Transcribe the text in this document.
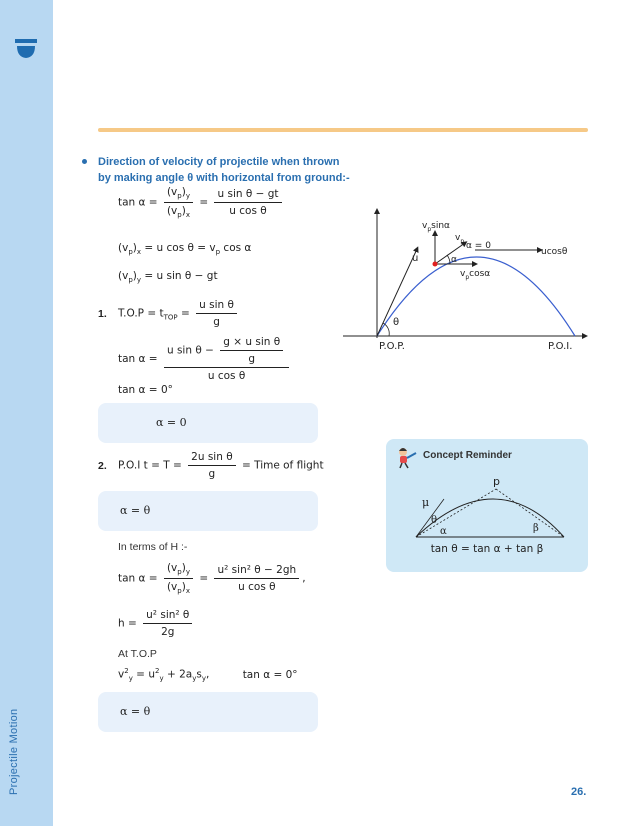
Projectile Motion
Direction of velocity of projectile when thrown
by making angle θ with horizontal from ground:-
$\tan \alpha = \frac{(v_p)_y}{(v_p)_x} = \frac{\text{u sin θ − gt}}{\text{u cos θ}}$
$(v_p)_x = u$ $\cos \theta = v_p$ cos α
$(v_p)_y = u$ sin θ − gt
1. $T.O.P = t_{TOP} = \frac{\text{u sin θ}}{g}$
$\tan \alpha = \frac{u \sin \theta - \frac{\text{g × u sin θ}}{g}}{\text{u cos θ}}$
tan α = 0°
α = 0
2. P.O.I $t = T = \frac{\text{2u sin θ}}{g}$ = Time of flight
α = θ
In terms of H :-
$\tan \alpha = \frac{(v_p)_y}{(v_p)_x} = \frac{\text{u² sin² θ − 2gh}}{\text{u cos θ}}$ ,
$h = \frac{\text{u² sin² θ}}{2g}$
At T.O.P
$v^2_y = u^2_y + 2a_ys_y$,	tan α = 0°
α = θ
θ
u
$v_p\sin\alpha$
$v_p$ α = 0
α
ucosθ
$v_p\cos\alpha$
P.O.P.	P.O.I.
Concept Reminder
p
μ
θ
α	β
tan θ = tan α + tan β
26.
